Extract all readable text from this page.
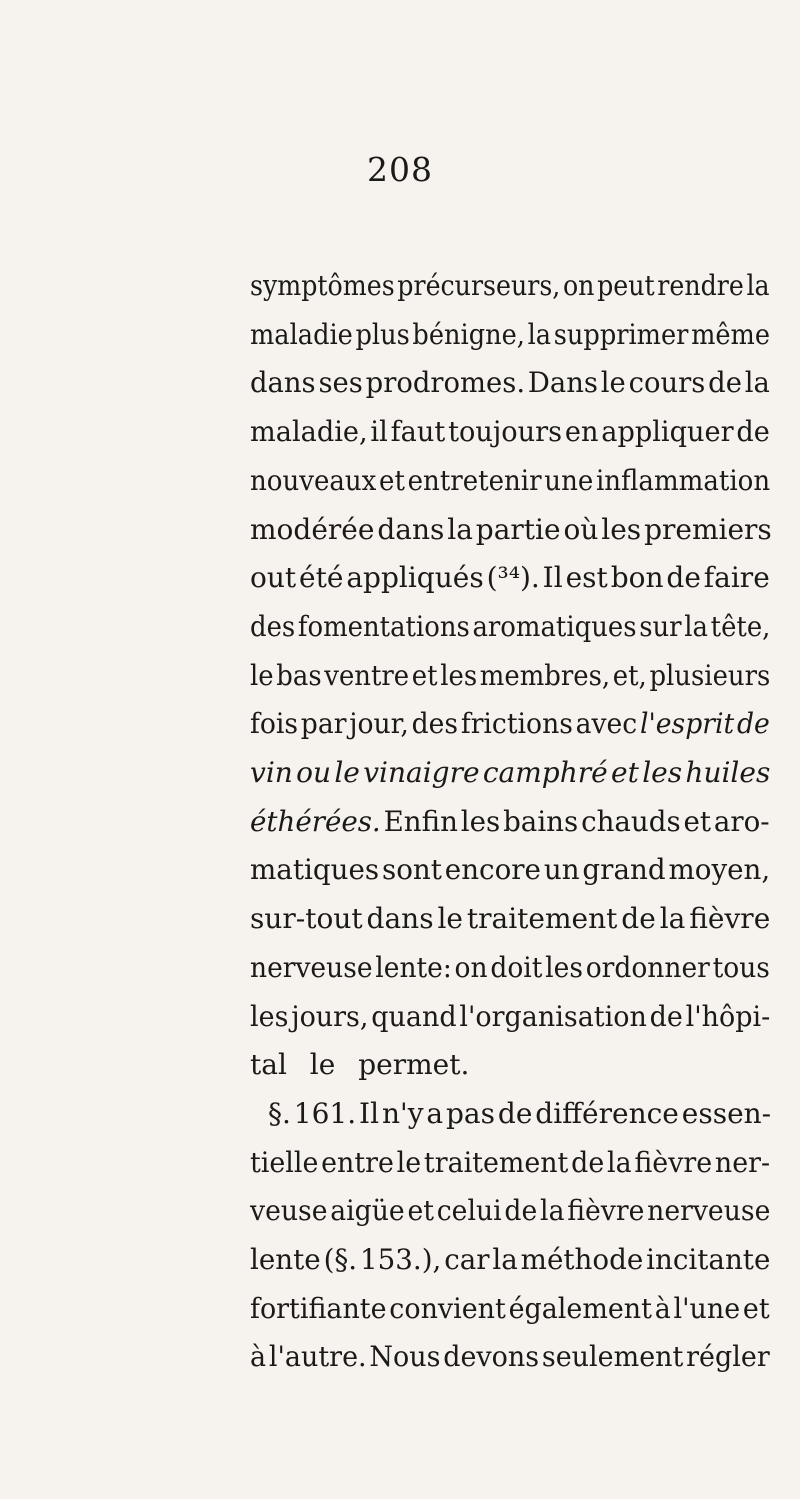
208
symptômes précurseurs, on peut rendre la
maladie plus bénigne, la supprimer même
dans ses prodromes. Dans le cours de la
maladie, il faut toujours en appliquer de
nouveaux et entretenir une inflammation
modérée dans la partie où les premiers
out été appliqués (³⁴). Il est bon de faire
des fomentations aromatiques sur la tête,
le bas ventre et les membres, et, plusieurs
fois par jour, des frictions avec l'esprit de
vin ou le vinaigre camphré et les huiles
éthérées. Enfin les bains chauds et aro-
matiques sont encore un grand moyen,
sur-tout dans le traitement de la fièvre
nerveuse lente: on doit les ordonner tous
les jours, quand l'organisation de l'hôpi-
tal le permet.
§. 161. Il n'y a pas de différence essen-
tielle entre le traitement de la fièvre ner-
veuse aigüe et celui de la fièvre nerveuse
lente (§. 153.), car la méthode incitante
fortifiante convient également à l'une et
à l'autre. Nous devons seulement régler
